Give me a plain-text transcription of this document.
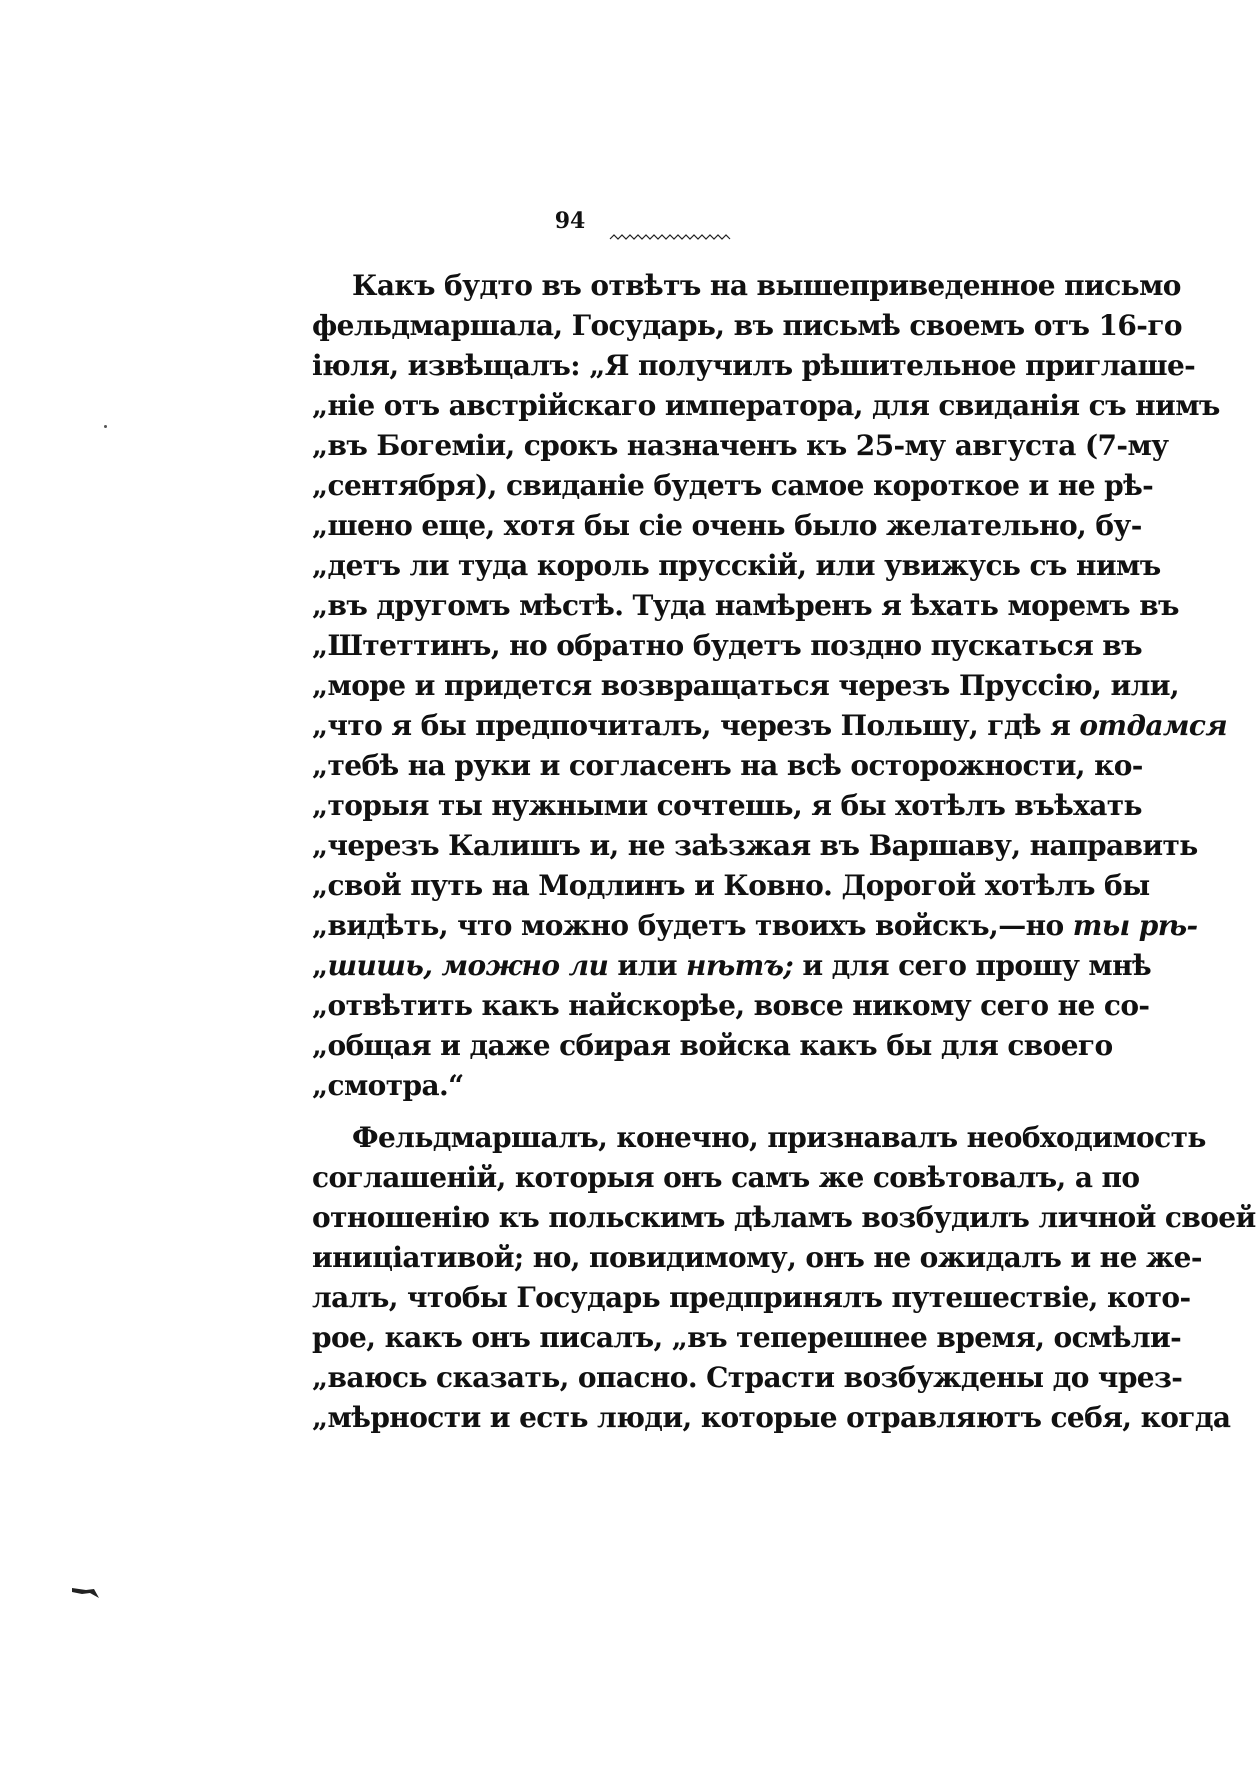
94
Какъ будто въ отвѣтъ на вышеприведенное письмо
фельдмаршала, Государь, въ письмѣ своемъ отъ 16-го
іюля, извѣщалъ: „Я получилъ рѣшительное приглаше-
„ніе отъ австрійскаго императора, для свиданія съ нимъ
„въ Богеміи, срокъ назначенъ къ 25-му августа (7-му
„сентября), свиданіе будетъ самое короткое и не рѣ-
„шено еще, хотя бы сіе очень было желательно, бу-
„детъ ли туда король прусскій, или увижусь съ нимъ
„въ другомъ мѣстѣ. Туда намѣренъ я ѣхать моремъ въ
„Штеттинъ, но обратно будетъ поздно пускаться въ
„море и придется возвращаться черезъ Пруссію, или,
„что я бы предпочиталъ, черезъ Польшу, гдѣ я отдамся
„тебѣ на руки и согласенъ на всѣ осторожности, ко-
„торыя ты нужными сочтешь, я бы хотѣлъ въѣхать
„черезъ Калишъ и, не заѣзжая въ Варшаву, направить
„свой путь на Модлинъ и Ковно. Дорогой хотѣлъ бы
„видѣть, что можно будетъ твоихъ войскъ,—но ты рѣ-
„шишь, можно ли или нѣтъ; и для сего прошу мнѣ
„отвѣтить какъ найскорѣе, вовсе никому сего не со-
„общая и даже сбирая войска какъ бы для своего
„смотра.“
Фельдмаршалъ, конечно, признавалъ необходимость
соглашеній, которыя онъ самъ же совѣтовалъ, а по
отношенію къ польскимъ дѣламъ возбудилъ личной своей
иниціативой; но, повидимому, онъ не ожидалъ и не же-
лалъ, чтобы Государь предпринялъ путешествіе, кото-
рое, какъ онъ писалъ, „въ теперешнее время, осмѣли-
„ваюсь сказать, опасно. Страсти возбуждены до чрез-
„мѣрности и есть люди, которые отравляютъ себя, когда
